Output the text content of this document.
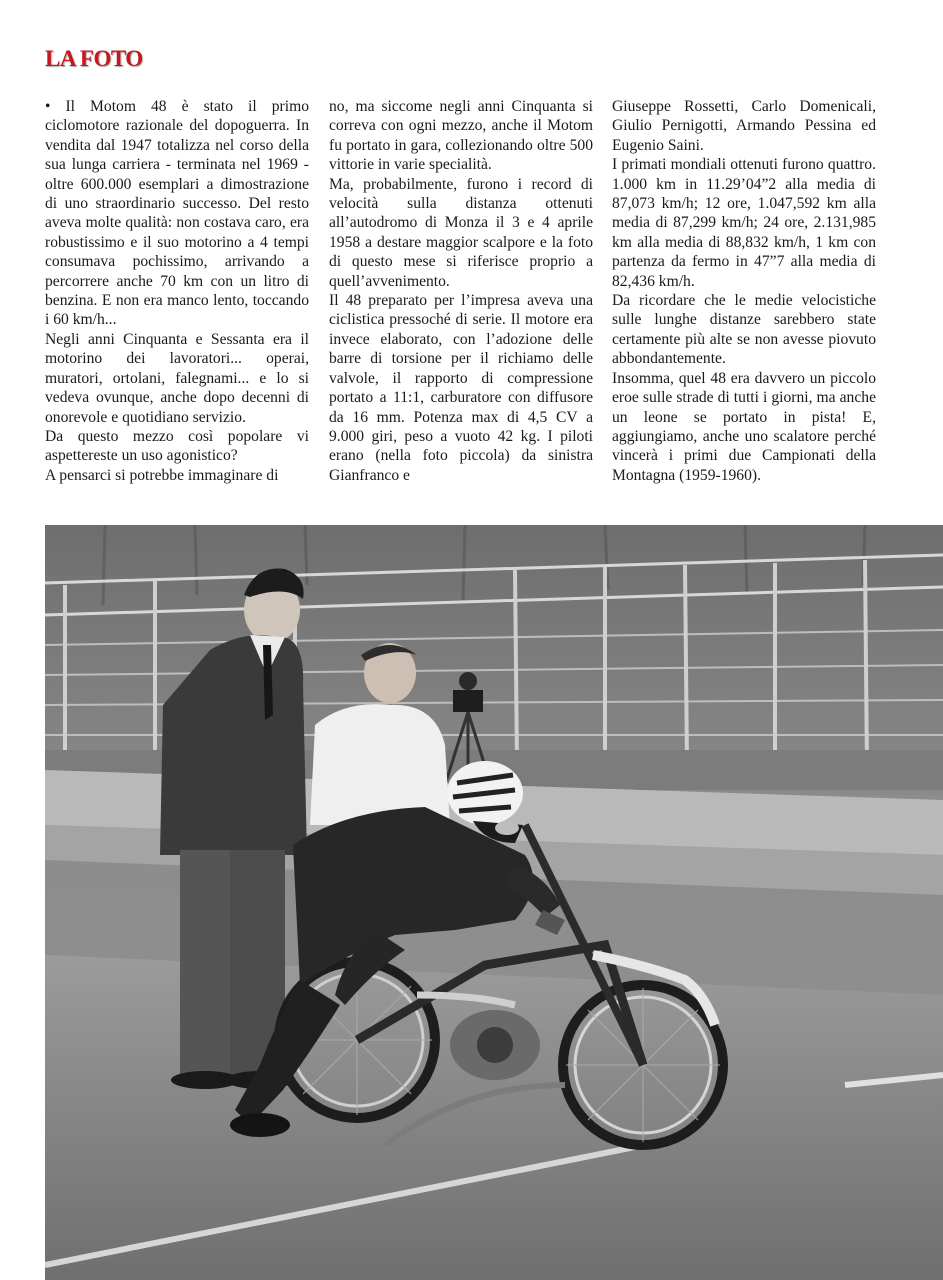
LA FOTO

• Il Motom 48 è stato il primo ciclomotore razionale del dopoguerra. In vendita dal 1947 totalizza nel corso della sua lunga carriera - terminata nel 1969 - oltre 600.000 esemplari a dimostrazione di uno straordinario successo. Del resto aveva molte qualità: non costava caro, era robustissimo e il suo motorino a 4 tempi consumava pochissimo, arrivando a percorrere anche 70 km con un litro di benzina. E non era manco lento, toccando i 60 km/h...

Negli anni Cinquanta e Sessanta era il motorino dei lavoratori... operai, muratori, ortolani, falegnami... e lo si vedeva ovunque, anche dopo decenni di onorevole e quotidiano servizio.

Da questo mezzo così popolare vi aspettereste un uso agonistico?

A pensarci si potrebbe immaginare di

no, ma siccome negli anni Cinquanta si correva con ogni mezzo, anche il Motom fu portato in gara, collezionando oltre 500 vittorie in varie specialità.

Ma, probabilmente, furono i record di velocità sulla distanza ottenuti all’autodromo di Monza il 3 e 4 aprile 1958 a destare maggior scalpore e la foto di questo mese si riferisce proprio a quell’avvenimento.

Il 48 preparato per l’impresa aveva una ciclistica pressoché di serie. Il motore era invece elaborato, con l’adozione delle barre di torsione per il richiamo delle valvole, il rapporto di compressione portato a 11:1, carburatore con diffusore da 16 mm. Potenza max di 4,5 CV a 9.000 giri, peso a vuoto 42 kg. I piloti erano (nella foto piccola) da sinistra Gianfranco e

Giuseppe Rossetti, Carlo Domenicali, Giulio Pernigotti, Armando Pessina ed Eugenio Saini.

I primati mondiali ottenuti furono quattro. 1.000 km in 11.29’04”2 alla media di 87,073 km/h; 12 ore, 1.047,592 km alla media di 87,299 km/h; 24 ore, 2.131,985 km alla media di 88,832 km/h, 1 km con partenza da fermo in 47”7 alla media di 82,436 km/h.

Da ricordare che le medie velocistiche sulle lunghe distanze sarebbero state certamente più alte se non avesse piovuto abbondantemente.

Insomma, quel 48 era davvero un piccolo eroe sulle strade di tutti i giorni, ma anche un leone se portato in pista! E, aggiungiamo, anche uno scalatore perché vincerà i primi due Campionati della Montagna (1959-1960).
